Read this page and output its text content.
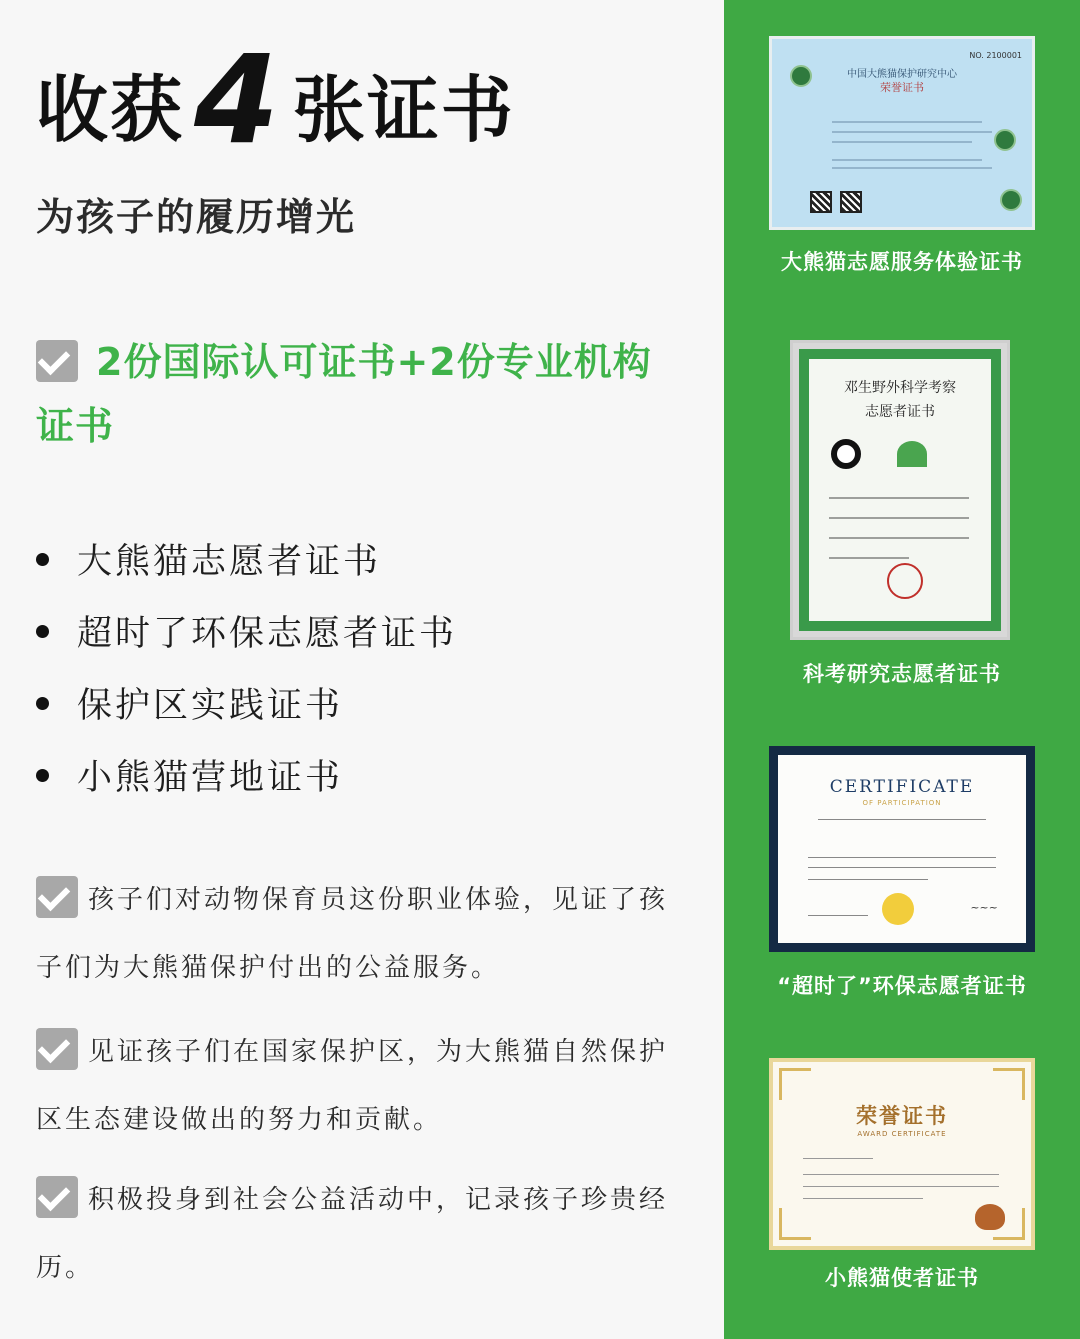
收获 4 张证书
为孩子的履历增光
2份国际认可证书+2份专业机构证书
大熊猫志愿者证书
超时了环保志愿者证书
保护区实践证书
小熊猫营地证书
孩子们对动物保育员这份职业体验，见证了孩子们为大熊猫保护付出的公益服务。
见证孩子们在国家保护区，为大熊猫自然保护区生态建设做出的努力和贡献。
积极投身到社会公益活动中，记录孩子珍贵经历。
NO. 2100001
中国大熊猫保护研究中心
荣誉证书
大熊猫志愿服务体验证书
邓生野外科学考察
志愿者证书
科考研究志愿者证书
CERTIFICATE
OF PARTICIPATION
~~~
“超时了”环保志愿者证书
荣誉证书
AWARD CERTIFICATE
小熊猫使者证书
